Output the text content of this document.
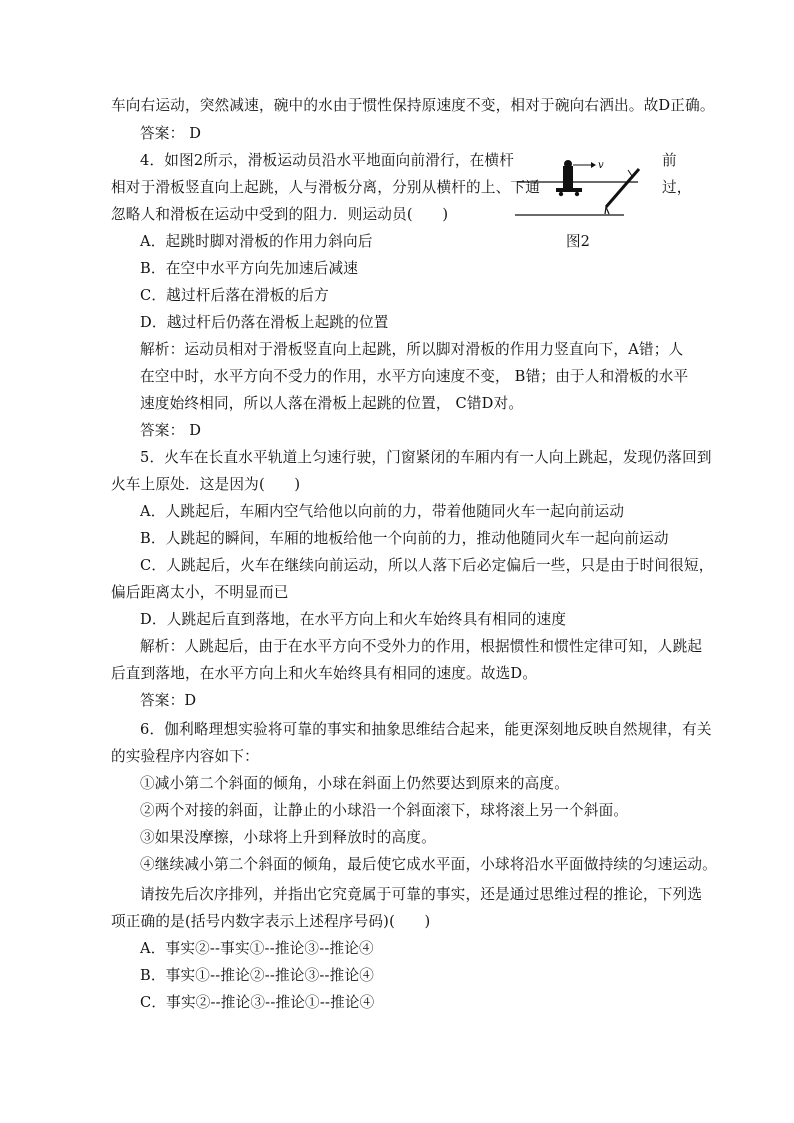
车向右运动，突然减速，碗中的水由于惯性保持原速度不变，相对于碗向右洒出。故D正确。
答案： D
4．如图2所示，滑板运动员沿水平地面向前滑行，在横杆	前
相对于滑板竖直向上起跳，人与滑板分离，分别从横杆的上、下通	过，
忽略人和滑板在运动中受到的阻力．则运动员(　　)
v
图2
A．起跳时脚对滑板的作用力斜向后
B．在空中水平方向先加速后减速
C．越过杆后落在滑板的后方
D．越过杆后仍落在滑板上起跳的位置
解析：运动员相对于滑板竖直向上起跳，所以脚对滑板的作用力竖直向下，A错；人
在空中时，水平方向不受力的作用，水平方向速度不变， B错；由于人和滑板的水平
速度始终相同，所以人落在滑板上起跳的位置， C错D对。
答案： D
5．火车在长直水平轨道上匀速行驶，门窗紧闭的车厢内有一人向上跳起，发现仍落回到
火车上原处．这是因为(　　)
A．人跳起后，车厢内空气给他以向前的力，带着他随同火车一起向前运动
B．人跳起的瞬间，车厢的地板给他一个向前的力，推动他随同火车一起向前运动
C．人跳起后，火车在继续向前运动，所以人落下后必定偏后一些，只是由于时间很短，
偏后距离太小，不明显而已
D．人跳起后直到落地，在水平方向上和火车始终具有相同的速度
解析：人跳起后，由于在水平方向不受外力的作用，根据惯性和惯性定律可知，人跳起
后直到落地，在水平方向上和火车始终具有相同的速度。故选D。
答案：D
6．伽利略理想实验将可靠的事实和抽象思维结合起来，能更深刻地反映自然规律，有关
的实验程序内容如下：
①减小第二个斜面的倾角，小球在斜面上仍然要达到原来的高度。
②两个对接的斜面，让静止的小球沿一个斜面滚下，球将滚上另一个斜面。
③如果没摩擦，小球将上升到释放时的高度。
④继续减小第二个斜面的倾角，最后使它成水平面，小球将沿水平面做持续的匀速运动。
请按先后次序排列，并指出它究竟属于可靠的事实，还是通过思维过程的推论，下列选
项正确的是(括号内数字表示上述程序号码)(　　)
A．事实②--事实①--推论③--推论④
B．事实①--推论②--推论③--推论④
C．事实②--推论③--推论①--推论④
